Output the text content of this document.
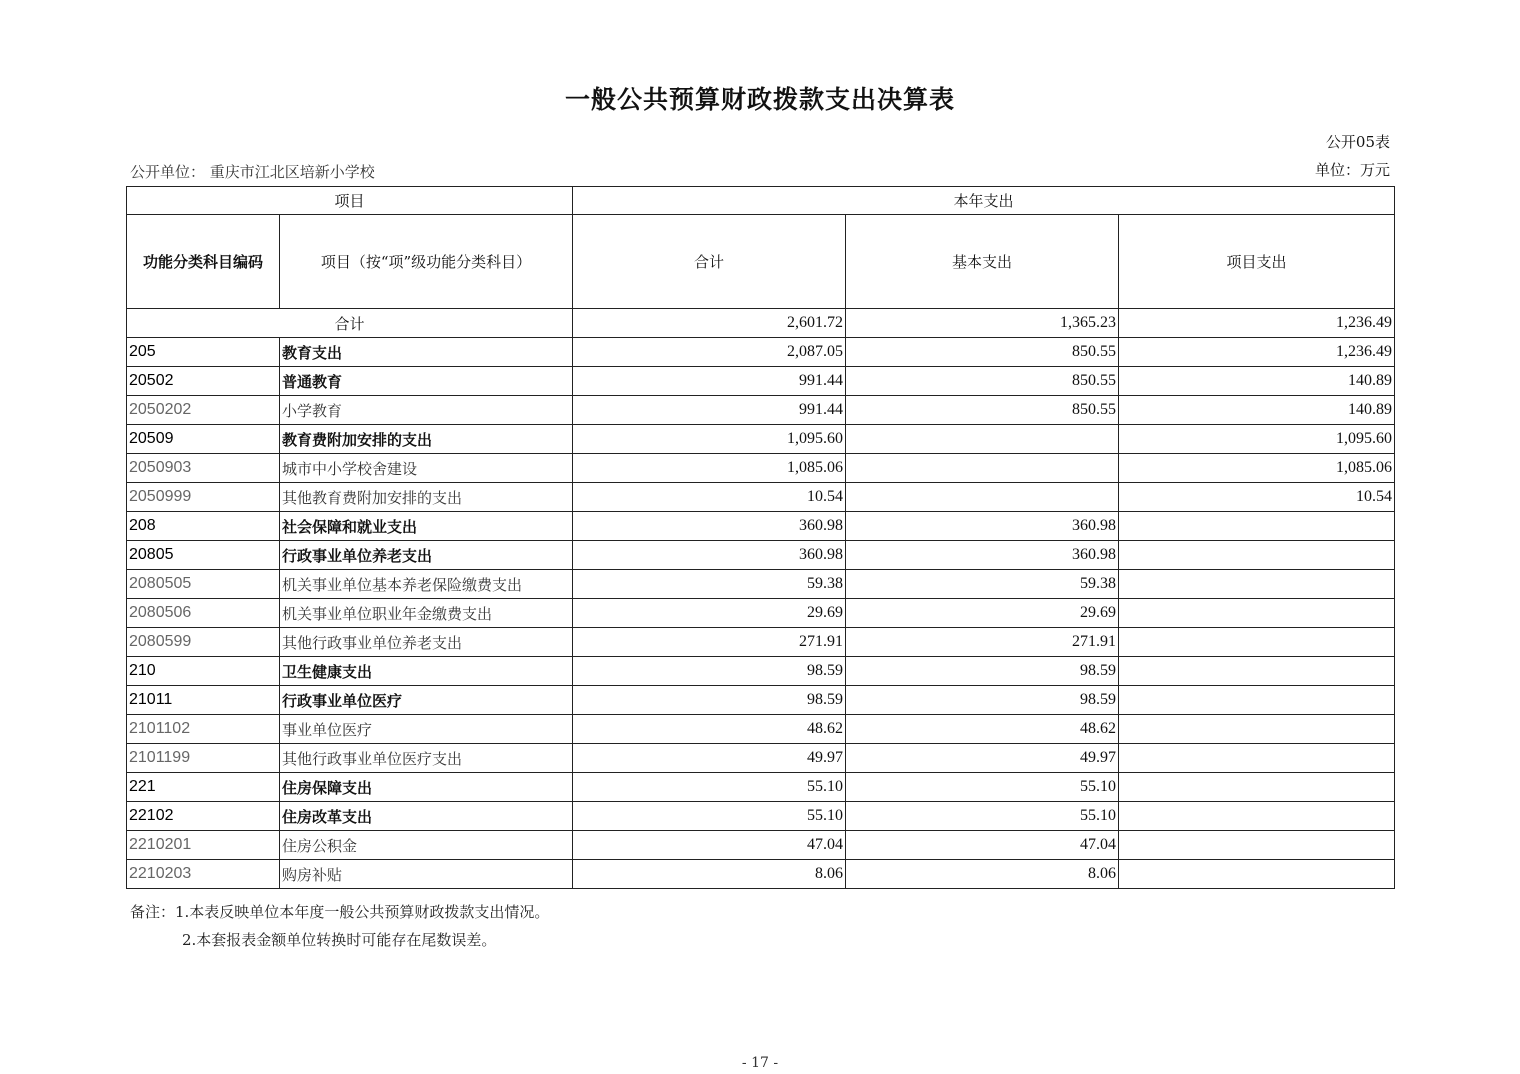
一般公共预算财政拨款支出决算表
公开05表
公开单位： 重庆市江北区培新小学校	单位：万元
项目		本年支出		
功能分类科目编码	项目（按“项”级功能分类科目）	合计	基本支出	项目支出
合计		2,601.72	1,365.23	1,236.49
205	教育支出	2,087.05	850.55	1,236.49
20502	普通教育	991.44	850.55	140.89
2050202	小学教育	991.44	850.55	140.89
20509	教育费附加安排的支出	1,095.60		1,095.60
2050903	城市中小学校舍建设	1,085.06		1,085.06
2050999	其他教育费附加安排的支出	10.54		10.54
208	社会保障和就业支出	360.98	360.98	
20805	行政事业单位养老支出	360.98	360.98	
2080505	机关事业单位基本养老保险缴费支出	59.38	59.38	
2080506	机关事业单位职业年金缴费支出	29.69	29.69	
2080599	其他行政事业单位养老支出	271.91	271.91	
210	卫生健康支出	98.59	98.59	
21011	行政事业单位医疗	98.59	98.59	
2101102	事业单位医疗	48.62	48.62	
2101199	其他行政事业单位医疗支出	49.97	49.97	
221	住房保障支出	55.10	55.10	
22102	住房改革支出	55.10	55.10	
2210201	住房公积金	47.04	47.04	
2210203	购房补贴	8.06	8.06	
备注：1.本表反映单位本年度一般公共预算财政拨款支出情况。
2.本套报表金额单位转换时可能存在尾数误差。
- 17 -
